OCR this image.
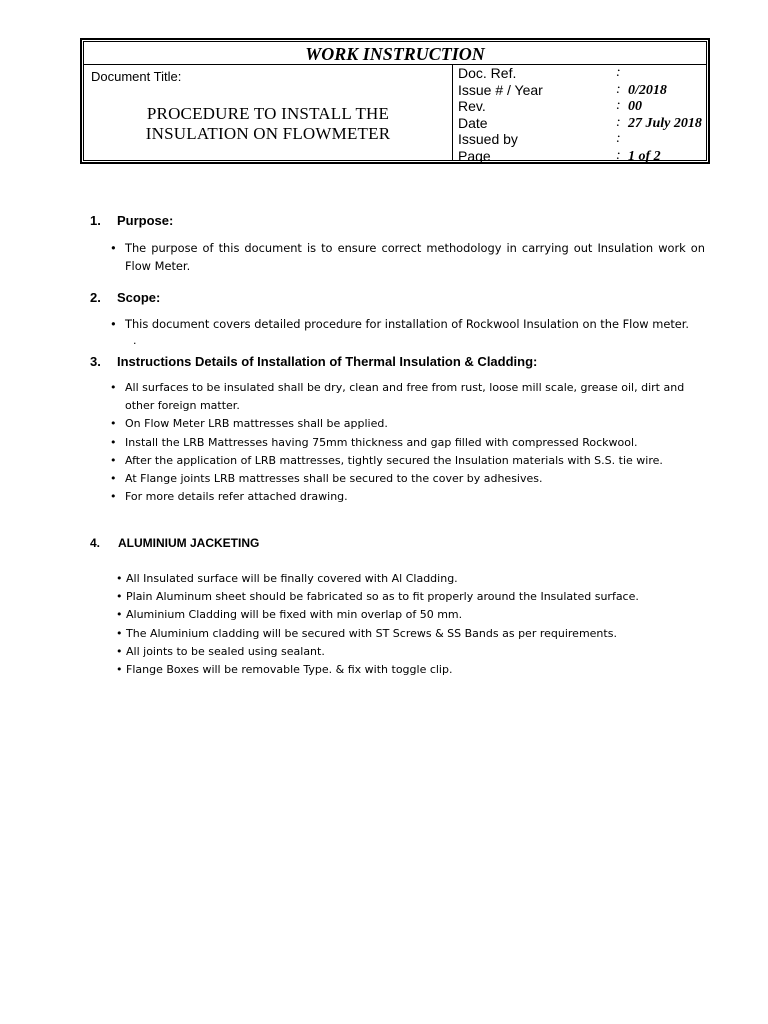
WORK INSTRUCTION
Document Title:
PROCEDURE TO INSTALL THE
INSULATION ON FLOWMETER
Doc. Ref.	:
Issue # / Year	: 0/2018
Rev.	: 00
Date	: 27 July 2018
Issued by	:
Page	: 1 of 2
1. Purpose:
• The purpose of this document is to ensure correct methodology in carrying out Insulation work on Flow Meter.
2. Scope:
• This document covers detailed procedure for installation of Rockwool Insulation on the Flow meter.
.
3. Instructions Details of Installation of Thermal Insulation & Cladding:
• All surfaces to be insulated shall be dry, clean and free from rust, loose mill scale, grease oil, dirt and other foreign matter.
• On Flow Meter LRB mattresses shall be applied.
• Install the LRB Mattresses having 75mm thickness and gap filled with compressed Rockwool.
• After the application of LRB mattresses, tightly secured the Insulation materials with S.S. tie wire.
• At Flange joints LRB mattresses shall be secured to the cover by adhesives.
• For more details refer attached drawing.
4. ALUMINIUM JACKETING
• All Insulated surface will be finally covered with Al Cladding.
• Plain Aluminum sheet should be fabricated so as to fit properly around the Insulated surface.
• Aluminium Cladding will be fixed with min overlap of 50 mm.
• The Aluminium cladding will be secured with ST Screws & SS Bands as per requirements.
• All joints to be sealed using sealant.
• Flange Boxes will be removable Type. & fix with toggle clip.
